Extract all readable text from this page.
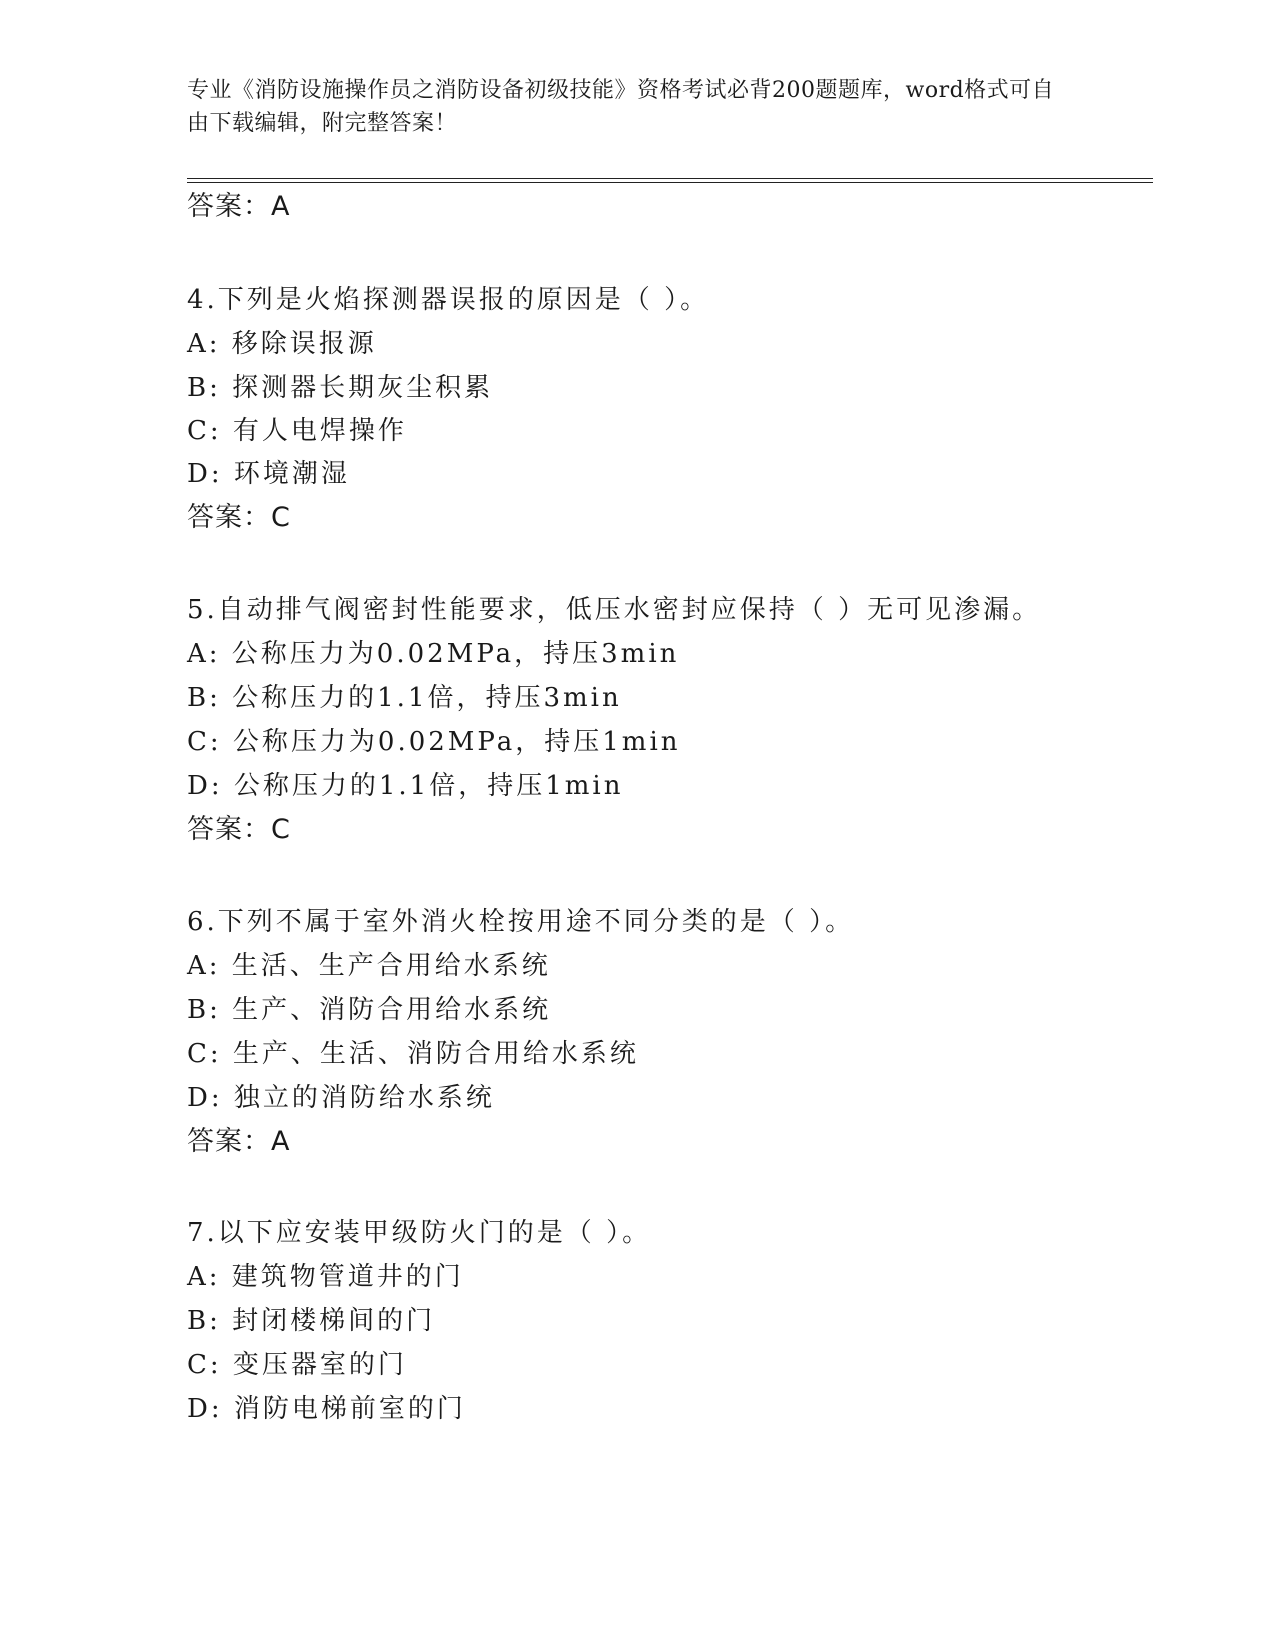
专业《消防设施操作员之消防设备初级技能》资格考试必背200题题库，word格式可自由下载编辑，附完整答案！
答案：A
4.下列是火焰探测器误报的原因是（ ）。
A: 移除误报源
B: 探测器长期灰尘积累
C: 有人电焊操作
D: 环境潮湿
答案：C
5.自动排气阀密封性能要求，低压水密封应保持（ ）无可见渗漏。
A: 公称压力为0.02MPa，持压3min
B: 公称压力的1.1倍，持压3min
C: 公称压力为0.02MPa，持压1min
D: 公称压力的1.1倍，持压1min
答案：C
6.下列不属于室外消火栓按用途不同分类的是（ ）。
A: 生活、生产合用给水系统
B: 生产、消防合用给水系统
C: 生产、生活、消防合用给水系统
D: 独立的消防给水系统
答案：A
7.以下应安装甲级防火门的是（ ）。
A: 建筑物管道井的门
B: 封闭楼梯间的门
C: 变压器室的门
D: 消防电梯前室的门
